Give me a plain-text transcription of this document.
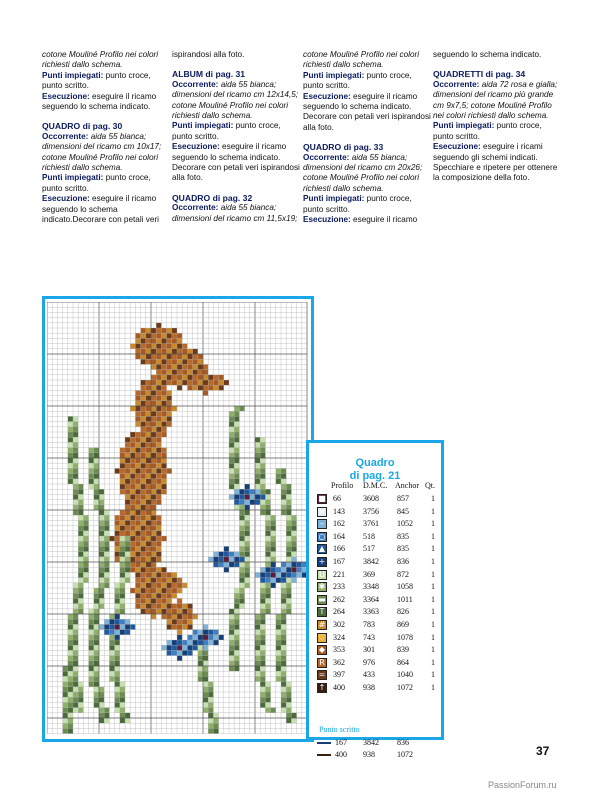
cotone Mouliné Profilo nei colori richiesti dallo schema.

Punti impiegati: punto croce, punto scritto.

Esecuzione: eseguire il ricamo seguendo lo schema indicato.

QUADRO di pag. 30

Occorrente: aida 55 bianca; dimensioni del ricamo cm 10x17; cotone Mouliné Profilo nei colori richiesti dallo schema.

Punti impiegati: punto croce, punto scritto.

Esecuzione: eseguire il ricamo seguendo lo schema indicato.Decorare con petali veri

ispirandosi alla foto.

ALBUM di pag. 31

Occorrente: aida 55 bianca; dimensioni del ricamo cm 12x14,5; cotone Mouliné Profilo nei colori richiesti dallo schema.

Punti impiegati: punto croce, punto scritto.

Esecuzione: eseguire il ricamo seguendo lo schema indicato. Decorare con petali veri ispirandosi alla foto.

QUADRO di pag. 32

Occorrente: aida 55 bianca; dimensioni del ricamo cm 11,5x19;

cotone Mouliné Profilo nei colori richiesti dallo schema.

Punti impiegati: punto croce, punto scritto.

Esecuzione: eseguire il ricamo seguendo lo schema indicato. Decorare con petali veri ispirandosi alla foto.

QUADRO di pag. 33

Occorrente: aida 55 bianca; dimensioni del ricamo cm 20x26; cotone Mouliné Profilo nei colori richiesti dallo schema.

Punti impiegati: punto croce, punto scritto.

Esecuzione: eseguire il ricamo

seguendo lo schema indicato.

QUADRETTI di pag. 34

Occorrente: aida 72 rosa e gialla; dimensioni del ricamo più grande cm 9x7,5; cotone Mouliné Profilo nei colori richiesti dallo schema.

Punti impiegati: punto croce, punto scritto.

Esecuzione: eseguire i ricami seguendo gli schemi indicati. Specchiare e ripetere per ottenere la composizione della foto.

Quadro
di pag. 21
Profilo D.M.C. Anchor Qt.
■ 66	3608 857	1
× 143 3756 845	1
–	162 3761 1052 1
○ 164 518	835	1
▲ 166 517	835	1
+ 167 3842 836	1
U 221 369	872	1
✱ 233 3348 1058 1
▬ 262 3364 1011 1
T	264 3363 826	1
# 302 783	869	1
♡ 324 743	1078 1
◆ 353 301	839	1
R 362 976	864	1
= 397 433	1040 1
↑ 400 938	1072 1
Punto scritto
167 3842 836
400 938	1072	37
PassionForum.ru
